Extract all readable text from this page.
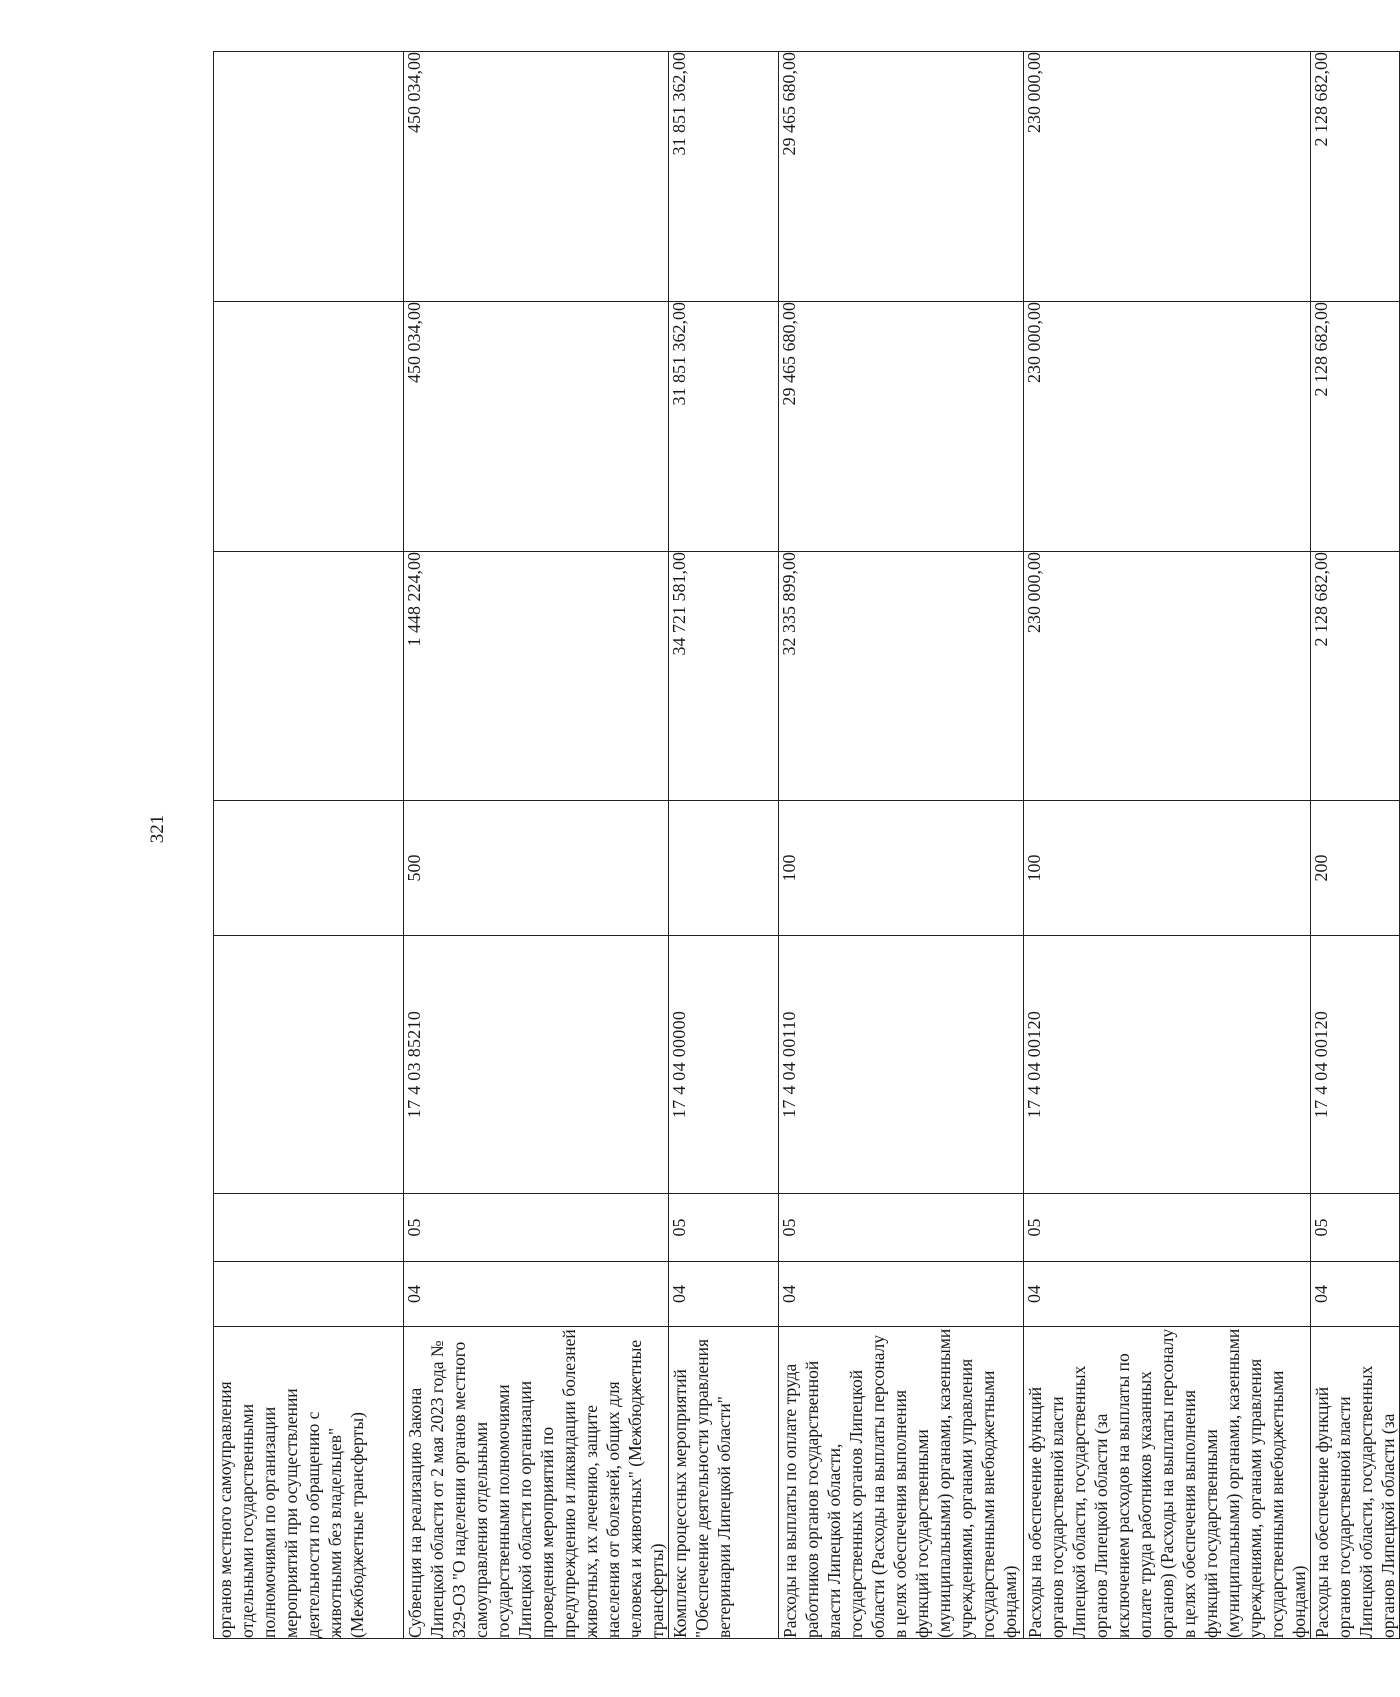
321
органов местного самоуправления отдельными государственными полномочиями по организации мероприятий при осуществлении деятельности по обращению с животными без владельцев" (Межбюджетные трансферты)							
Субвенция на реализацию Закона Липецкой области от 2 мая 2023 года № 329-ОЗ "О наделении органов местного самоуправления отдельными государственными полномочиями Липецкой области по организации проведения мероприятий по предупреждению и ликвидации болезней животных, их лечению, защите населения от болезней, общих для человека и животных" (Межбюджетные трансферты)	04	05	17 4 03 85210	500	1 448 224,00	450 034,00	450 034,00
Комплекс процессных мероприятий "Обеспечение деятельности управления ветеринарии Липецкой области"	04	05	17 4 04 00000		34 721 581,00	31 851 362,00	31 851 362,00
Расходы на выплаты по оплате труда работников органов государственной власти Липецкой области, государственных органов Липецкой области (Расходы на выплаты персоналу в целях обеспечения выполнения функций государственными (муниципальными) органами, казенными учреждениями, органами управления государственными внебюджетными фондами)	04	05	17 4 04 00110	100	32 335 899,00	29 465 680,00	29 465 680,00
Расходы на обеспечение функций органов государственной власти Липецкой области, государственных органов Липецкой области (за исключением расходов на выплаты по оплате труда работников указанных органов) (Расходы на выплаты персоналу в целях обеспечения выполнения функций государственными (муниципальными) органами, казенными учреждениями, органами управления государственными внебюджетными фондами)	04	05	17 4 04 00120	100	230 000,00	230 000,00	230 000,00
Расходы на обеспечение функций органов государственной власти Липецкой области, государственных органов Липецкой области (за	04	05	17 4 04 00120	200	2 128 682,00	2 128 682,00	2 128 682,00
